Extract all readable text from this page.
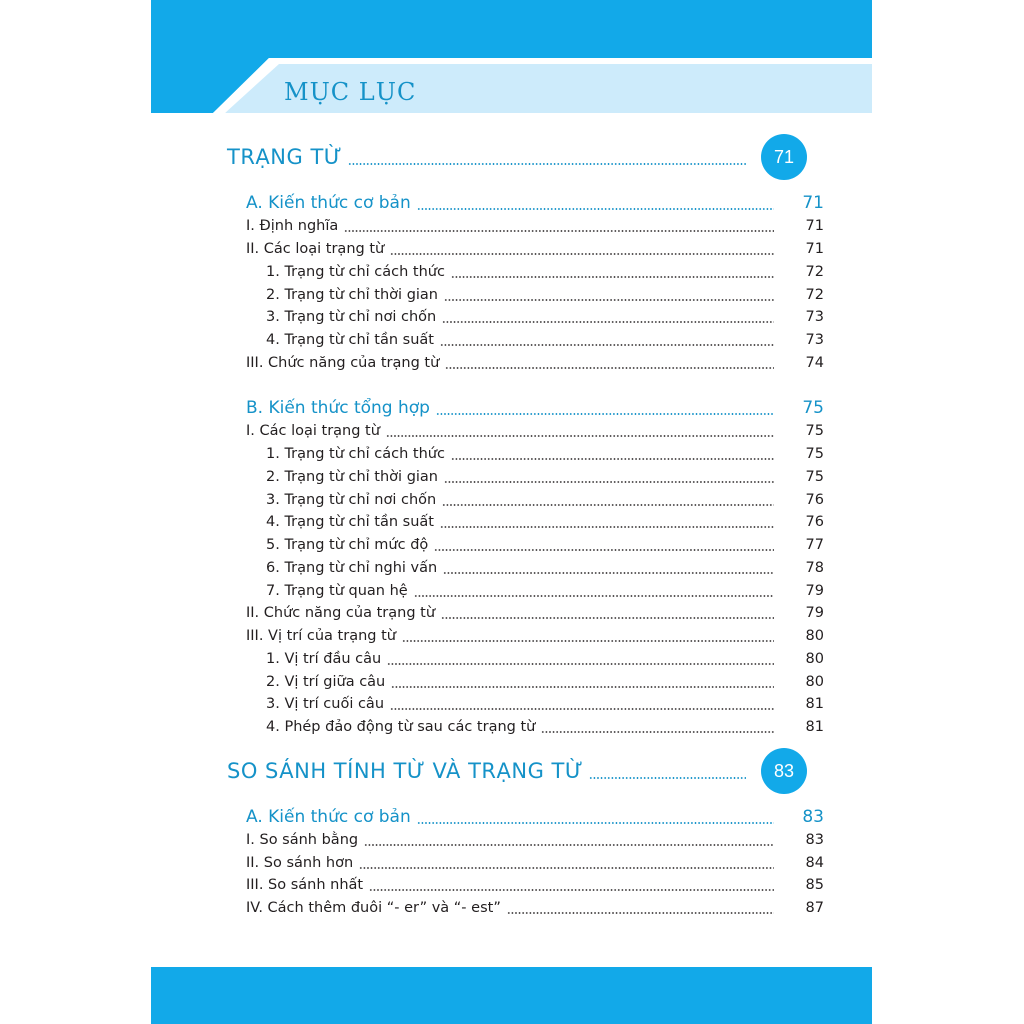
MỤC LỤC
TRẠNG TỪ	71
A. Kiến thức cơ bản	71
I. Định nghĩa	71
II. Các loại trạng từ	71
1. Trạng từ chỉ cách thức	72
2. Trạng từ chỉ thời gian	72
3. Trạng từ chỉ nơi chốn	73
4. Trạng từ chỉ tần suất	73
III. Chức năng của trạng từ	74
B. Kiến thức tổng hợp	75
I. Các loại trạng từ	75
1. Trạng từ chỉ cách thức	75
2. Trạng từ chỉ thời gian	75
3. Trạng từ chỉ nơi chốn	76
4. Trạng từ chỉ tần suất	76
5. Trạng từ chỉ mức độ	77
6. Trạng từ chỉ nghi vấn	78
7. Trạng từ quan hệ	79
II. Chức năng của trạng từ	79
III. Vị trí của trạng từ	80
1. Vị trí đầu câu	80
2. Vị trí giữa câu	80
3. Vị trí cuối câu	81
4. Phép đảo động từ sau các trạng từ	81
SO SÁNH TÍNH TỪ VÀ TRẠNG TỪ	83
A. Kiến thức cơ bản	83
I. So sánh bằng	83
II. So sánh hơn	84
III. So sánh nhất	85
IV. Cách thêm đuôi “- er” và “- est”	87
